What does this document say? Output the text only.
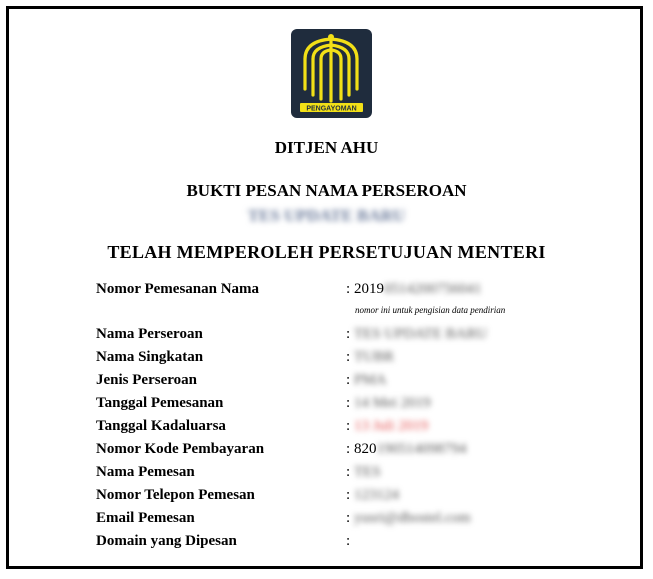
PENGAYOMAN
DITJEN AHU
BUKTI PESAN NAMA PERSEROAN
TES UPDATE BARU
TELAH MEMPEROLEH PERSETUJUAN MENTERI
Nomor Pemesanan Nama	: 20190514200756041
nomor ini untuk pengisian data pendirian
Nama Perseroan	: TES UPDATE BARU
Nama Singkatan	: TUBR
Jenis Perseroan	: PMA
Tanggal Pemesanan	: 14 Mei 2019
Tanggal Kadaluarsa	: 13 Juli 2019
Nomor Kode Pembayaran	: 820190514098794
Nama Pemesan	: TES
Nomor Telepon Pemesan	: 123124
Email Pemesan	: yusri@dbostel.com
Domain yang Dipesan	:
